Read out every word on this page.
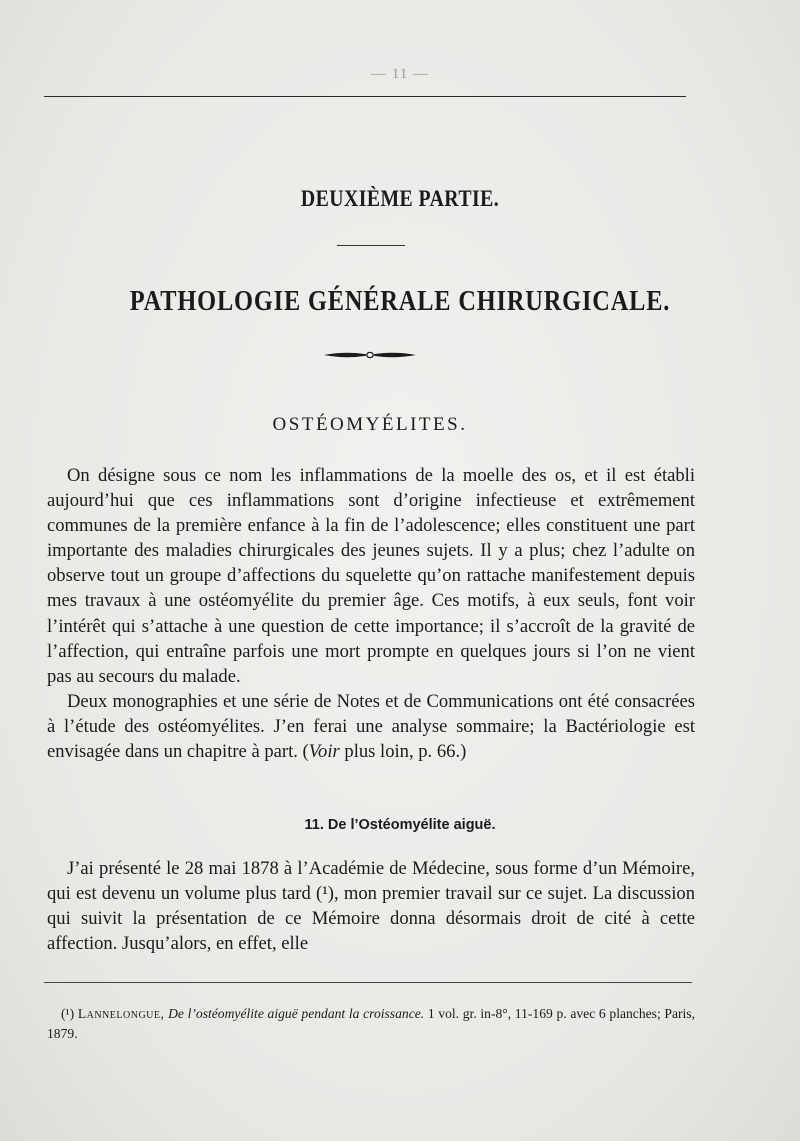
— 11 —
DEUXIÈME PARTIE.
PATHOLOGIE GÉNÉRALE CHIRURGICALE.
OSTÉOMYÉLITES.

On désigne sous ce nom les inflammations de la moelle des os, et il est établi aujourd’hui que ces inflammations sont d’origine infectieuse et extrêmement communes de la première enfance à la fin de l’adolescence; elles constituent une part importante des maladies chirurgicales des jeunes sujets. Il y a plus; chez l’adulte on observe tout un groupe d’affections du squelette qu’on rattache manifestement depuis mes travaux à une ostéomyélite du premier âge. Ces motifs, à eux seuls, font voir l’intérêt qui s’attache à une question de cette importance; il s’accroît de la gravité de l’affection, qui entraîne parfois une mort prompte en quelques jours si l’on ne vient pas au secours du malade.

Deux monographies et une série de Notes et de Communications ont été consacrées à l’étude des ostéomyélites. J’en ferai une analyse sommaire; la Bactériologie est envisagée dans un chapitre à part. (Voir plus loin, p. 66.)

11. De l’Ostéomyélite aiguë.

J’ai présenté le 28 mai 1878 à l’Académie de Médecine, sous forme d’un Mémoire, qui est devenu un volume plus tard (¹), mon premier travail sur ce sujet. La discussion qui suivit la présentation de ce Mémoire donna désormais droit de cité à cette affection. Jusqu’alors, en effet, elle

(¹) Lannelongue, De l’ostéomyélite aiguë pendant la croissance. 1 vol. gr. in-8°, 11-169 p. avec 6 planches; Paris, 1879.
